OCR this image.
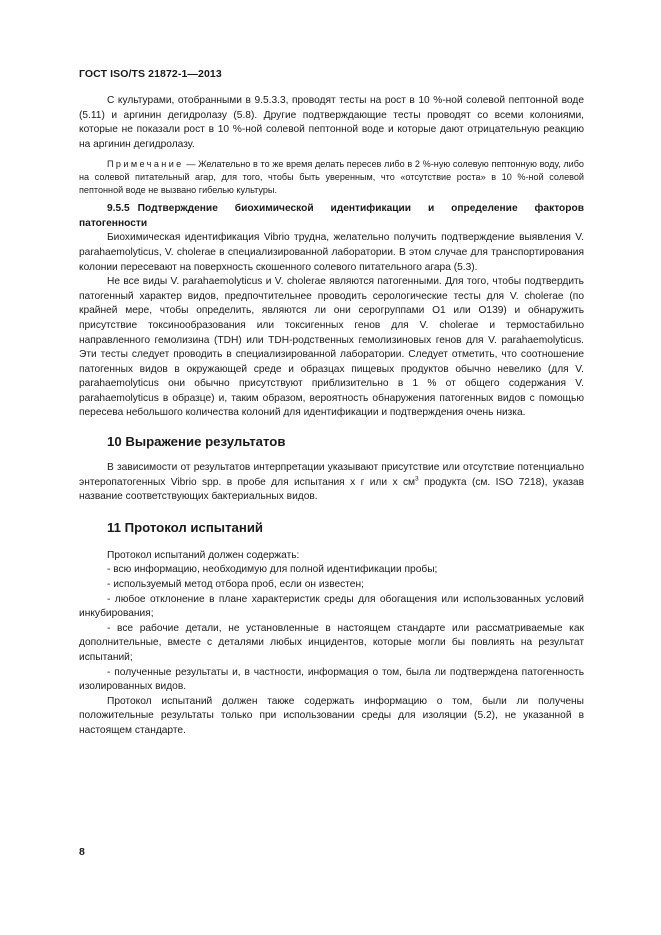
ГОСТ ISO/TS 21872-1—2013

С культурами, отобранными в 9.5.3.3, проводят тесты на рост в 10 %-ной солевой пептонной воде (5.11) и аргинин дегидролазу (5.8). Другие подтверждающие тесты проводят со всеми колониями, которые не показали рост в 10 %-ной солевой пептонной воде и которые дают отрицательную реакцию на аргинин дегидролазу.

Примечание — Желательно в то же время делать пересев либо в 2 %-ную солевую пептонную воду, либо на солевой питательный агар, для того, чтобы быть уверенным, что «отсутствие роста» в 10 %-ной солевой пептонной воде не вызвано гибелью культуры.

9.5.5 Подтверждение биохимической идентификации и определение факторов патогенности

Биохимическая идентификация Vibrio трудна, желательно получить подтверждение выявления V. parahaemolyticus, V. cholerae в специализированной лаборатории. В этом случае для транспортирования колонии пересевают на поверхность скошенного солевого питательного агара (5.3).

Не все виды V. parahaemolyticus и V. cholerae являются патогенными. Для того, чтобы подтвердить патогенный характер видов, предпочтительнее проводить серологические тесты для V. cholerae (по крайней мере, чтобы определить, являются ли они серогруппами O1 или O139) и обнаружить присутствие токсинообразования или токсигенных генов для V. cholerae и термостабильно направленного гемолизина (TDH) или TDH-родственных гемолизиновых генов для V. parahaemolyticus. Эти тесты следует проводить в специализированной лаборатории. Следует отметить, что соотношение патогенных видов в окружающей среде и образцах пищевых продуктов обычно невелико (для V. parahaemolyticus они обычно присутствуют приблизительно в 1 % от общего содержания V. parahaemolyticus в образце) и, таким образом, вероятность обнаружения патогенных видов с помощью пересева небольшого количества колоний для идентификации и подтверждения очень низка.

10 Выражение результатов

В зависимости от результатов интерпретации указывают присутствие или отсутствие потенциально энтеропатогенных Vibrio spp. в пробе для испытания х г или х $см^3$ продукта (см. ISO 7218), указав название соответствующих бактериальных видов.

11 Протокол испытаний

Протокол испытаний должен содержать:

- всю информацию, необходимую для полной идентификации пробы;

- используемый метод отбора проб, если он известен;

- любое отклонение в плане характеристик среды для обогащения или использованных условий инкубирования;

- все рабочие детали, не установленные в настоящем стандарте или рассматриваемые как дополнительные, вместе с деталями любых инцидентов, которые могли бы повлиять на результат испытаний;

- полученные результаты и, в частности, информация о том, была ли подтверждена патогенность изолированных видов.

Протокол испытаний должен также содержать информацию о том, были ли получены положительные результаты только при использовании среды для изоляции (5.2), не указанной в настоящем стандарте.

8
